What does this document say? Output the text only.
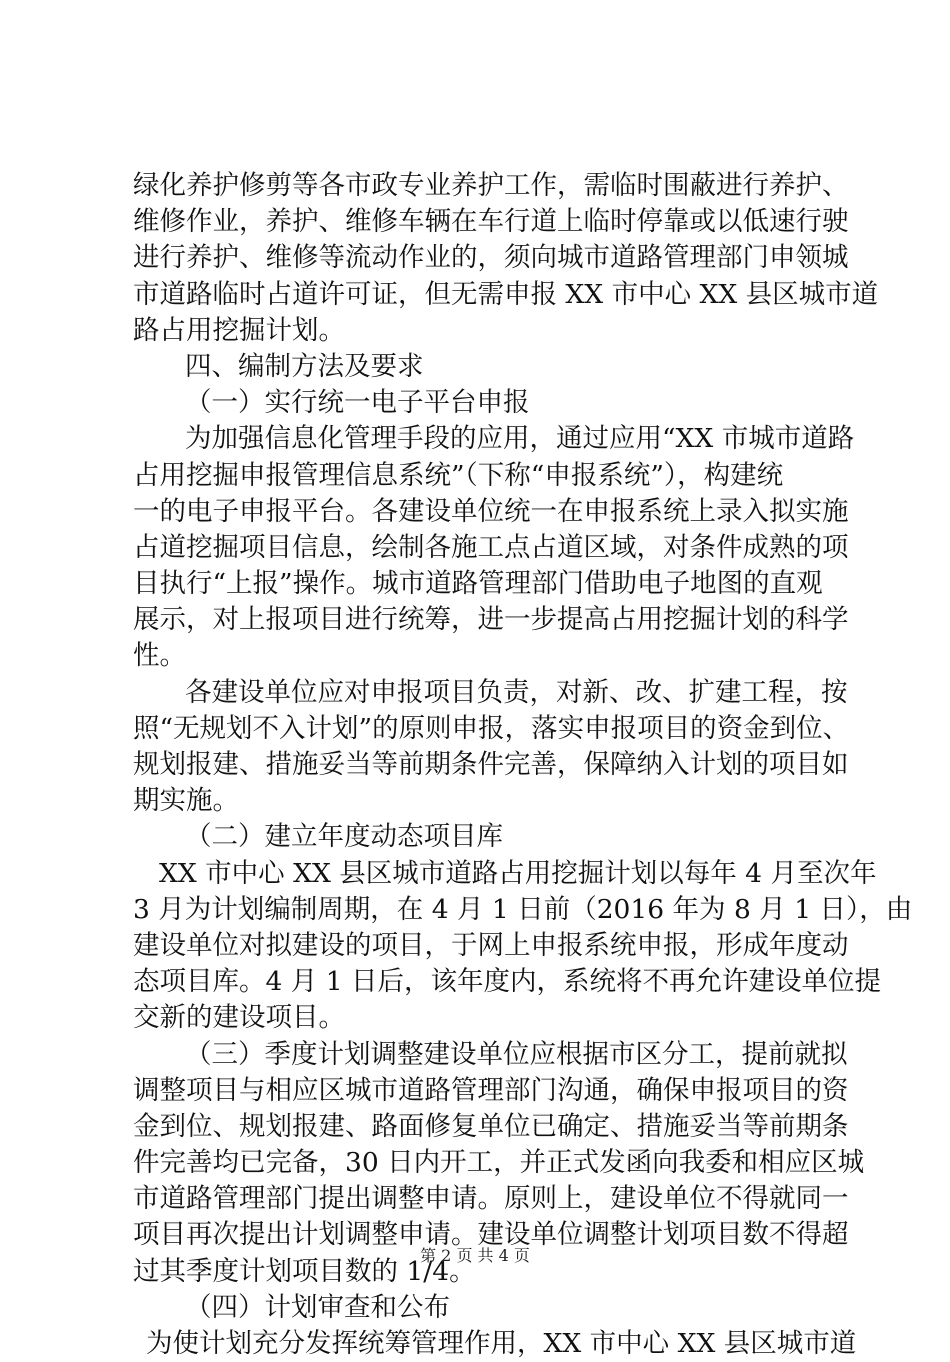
绿化养护修剪等各市政专业养护工作，需临时围蔽进行养护、
维修作业，养护、维修车辆在车行道上临时停靠或以低速行驶
进行养护、维修等流动作业的，须向城市道路管理部门申领城
市道路临时占道许可证，但无需申报 XX 市中心 XX 县区城市道
路占用挖掘计划。
四、编制方法及要求
（一）实行统一电子平台申报
为加强信息化管理手段的应用，通过应用“XX 市城市道路
占用挖掘申报管理信息系统”（下称“申报系统”），构建统
一的电子申报平台。各建设单位统一在申报系统上录入拟实施
占道挖掘项目信息，绘制各施工点占道区域，对条件成熟的项
目执行“上报”操作。城市道路管理部门借助电子地图的直观
展示，对上报项目进行统筹，进一步提高占用挖掘计划的科学
性。
各建设单位应对申报项目负责，对新、改、扩建工程，按
照“无规划不入计划”的原则申报，落实申报项目的资金到位、
规划报建、措施妥当等前期条件完善，保障纳入计划的项目如
期实施。
（二）建立年度动态项目库
XX 市中心 XX 县区城市道路占用挖掘计划以每年 4 月至次年
3 月为计划编制周期，在 4 月 1 日前（2016 年为 8 月 1 日），由
建设单位对拟建设的项目，于网上申报系统申报，形成年度动
态项目库。4 月 1 日后，该年度内，系统将不再允许建设单位提
交新的建设项目。
（三）季度计划调整建设单位应根据市区分工，提前就拟
调整项目与相应区城市道路管理部门沟通，确保申报项目的资
金到位、规划报建、路面修复单位已确定、措施妥当等前期条
件完善均已完备，30 日内开工，并正式发函向我委和相应区城
市道路管理部门提出调整申请。原则上，建设单位不得就同一
项目再次提出计划调整申请。建设单位调整计划项目数不得超
过其季度计划项目数的 1/4。
（四）计划审查和公布
为使计划充分发挥统筹管理作用，XX 市中心 XX 县区城市道
第 2 页 共 4 页
